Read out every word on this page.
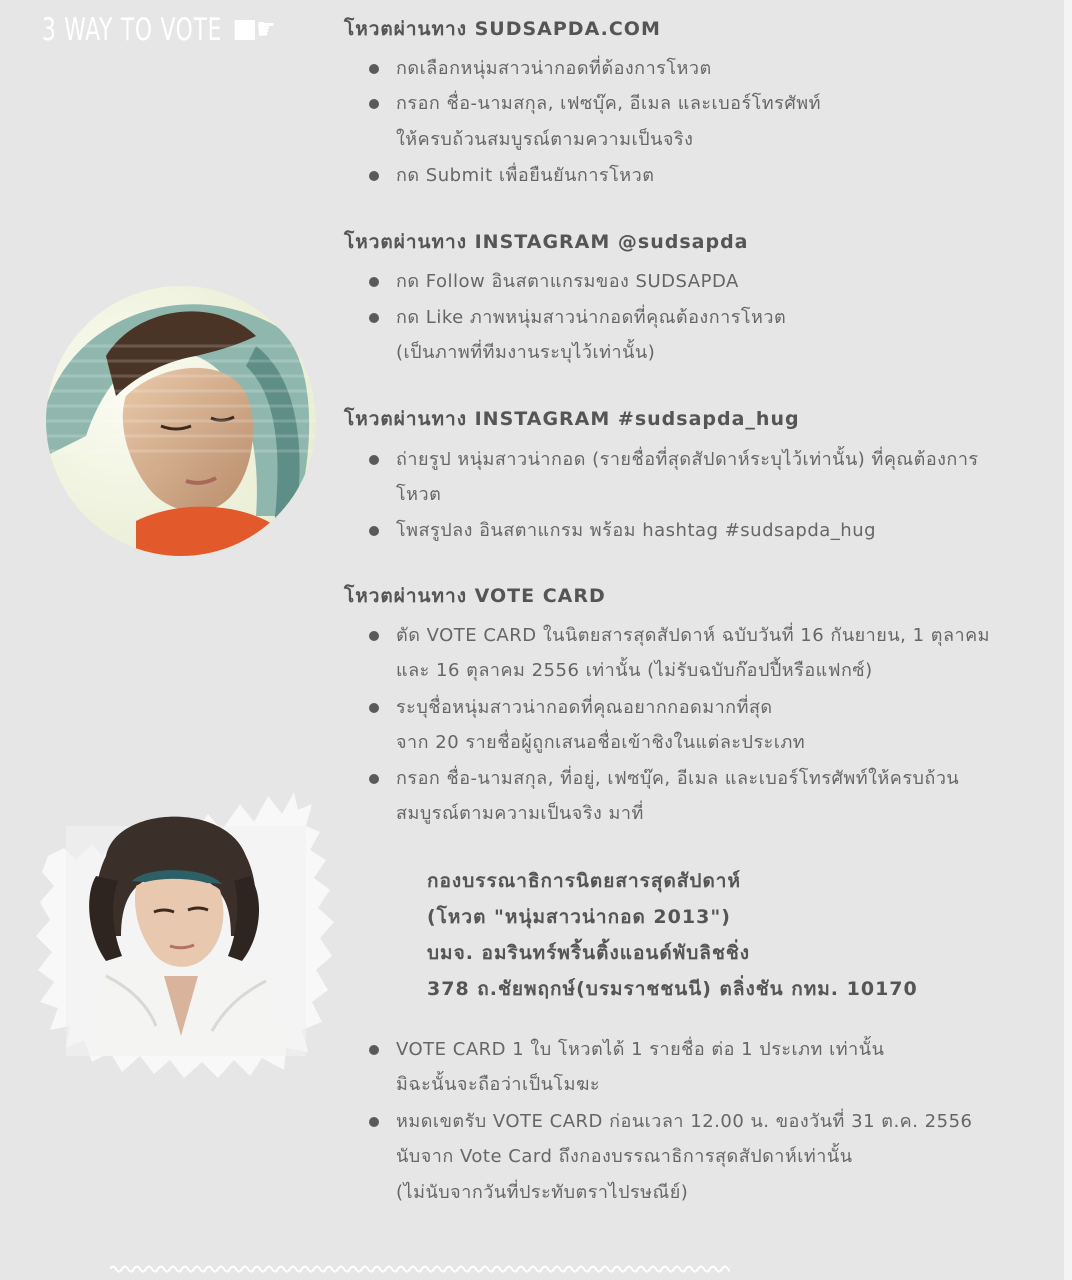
3 WAY TO VOTE ☛	โหวตผ่านทาง SUDSAPDA.COM
กดเลือกหนุ่มสาวน่ากอดที่ต้องการโหวต
กรอก ชื่อ-นามสกุล, เฟซบุ๊ค, อีเมล และเบอร์โทรศัพท์
ให้ครบถ้วนสมบูรณ์ตามความเป็นจริง
กด Submit เพื่อยืนยันการโหวต
โหวตผ่านทาง INSTAGRAM @sudsapda
กด Follow อินสตาแกรมของ SUDSAPDA
กด Like ภาพหนุ่มสาวน่ากอดที่คุณต้องการโหวต
(เป็นภาพที่ทีมงานระบุไว้เท่านั้น)
โหวตผ่านทาง INSTAGRAM #sudsapda_hug
ถ่ายรูป หนุ่มสาวน่ากอด (รายชื่อที่สุดสัปดาห์ระบุไว้เท่านั้น) ที่คุณต้องการ
โหวต
โพสรูปลง อินสตาแกรม พร้อม hashtag #sudsapda_hug
โหวตผ่านทาง VOTE CARD
ตัด VOTE CARD ในนิตยสารสุดสัปดาห์ ฉบับวันที่ 16 กันยายน, 1 ตุลาคม
และ 16 ตุลาคม 2556 เท่านั้น (ไม่รับฉบับก๊อปปี้หรือแฟกซ์)
ระบุชื่อหนุ่มสาวน่ากอดที่คุณอยากกอดมากที่สุด
จาก 20 รายชื่อผู้ถูกเสนอชื่อเข้าชิงในแต่ละประเภท
กรอก ชื่อ-นามสกุล, ที่อยู่, เฟซบุ๊ค, อีเมล และเบอร์โทรศัพท์ให้ครบถ้วน
สมบูรณ์ตามความเป็นจริง มาที่
กองบรรณาธิการนิตยสารสุดสัปดาห์
(โหวต "หนุ่มสาวน่ากอด 2013")
บมจ. อมรินทร์พริ้นติ้งแอนด์พับลิชชิ่ง
378 ถ.ชัยพฤกษ์(บรมราชชนนี) ตลิ่งชัน กทม. 10170
VOTE CARD 1 ใบ โหวตได้ 1 รายชื่อ ต่อ 1 ประเภท เท่านั้น
มิฉะนั้นจะถือว่าเป็นโมฆะ
หมดเขตรับ VOTE CARD ก่อนเวลา 12.00 น. ของวันที่ 31 ต.ค. 2556
นับจาก Vote Card ถึงกองบรรณาธิการสุดสัปดาห์เท่านั้น
(ไม่นับจากวันที่ประทับตราไปรษณีย์)
